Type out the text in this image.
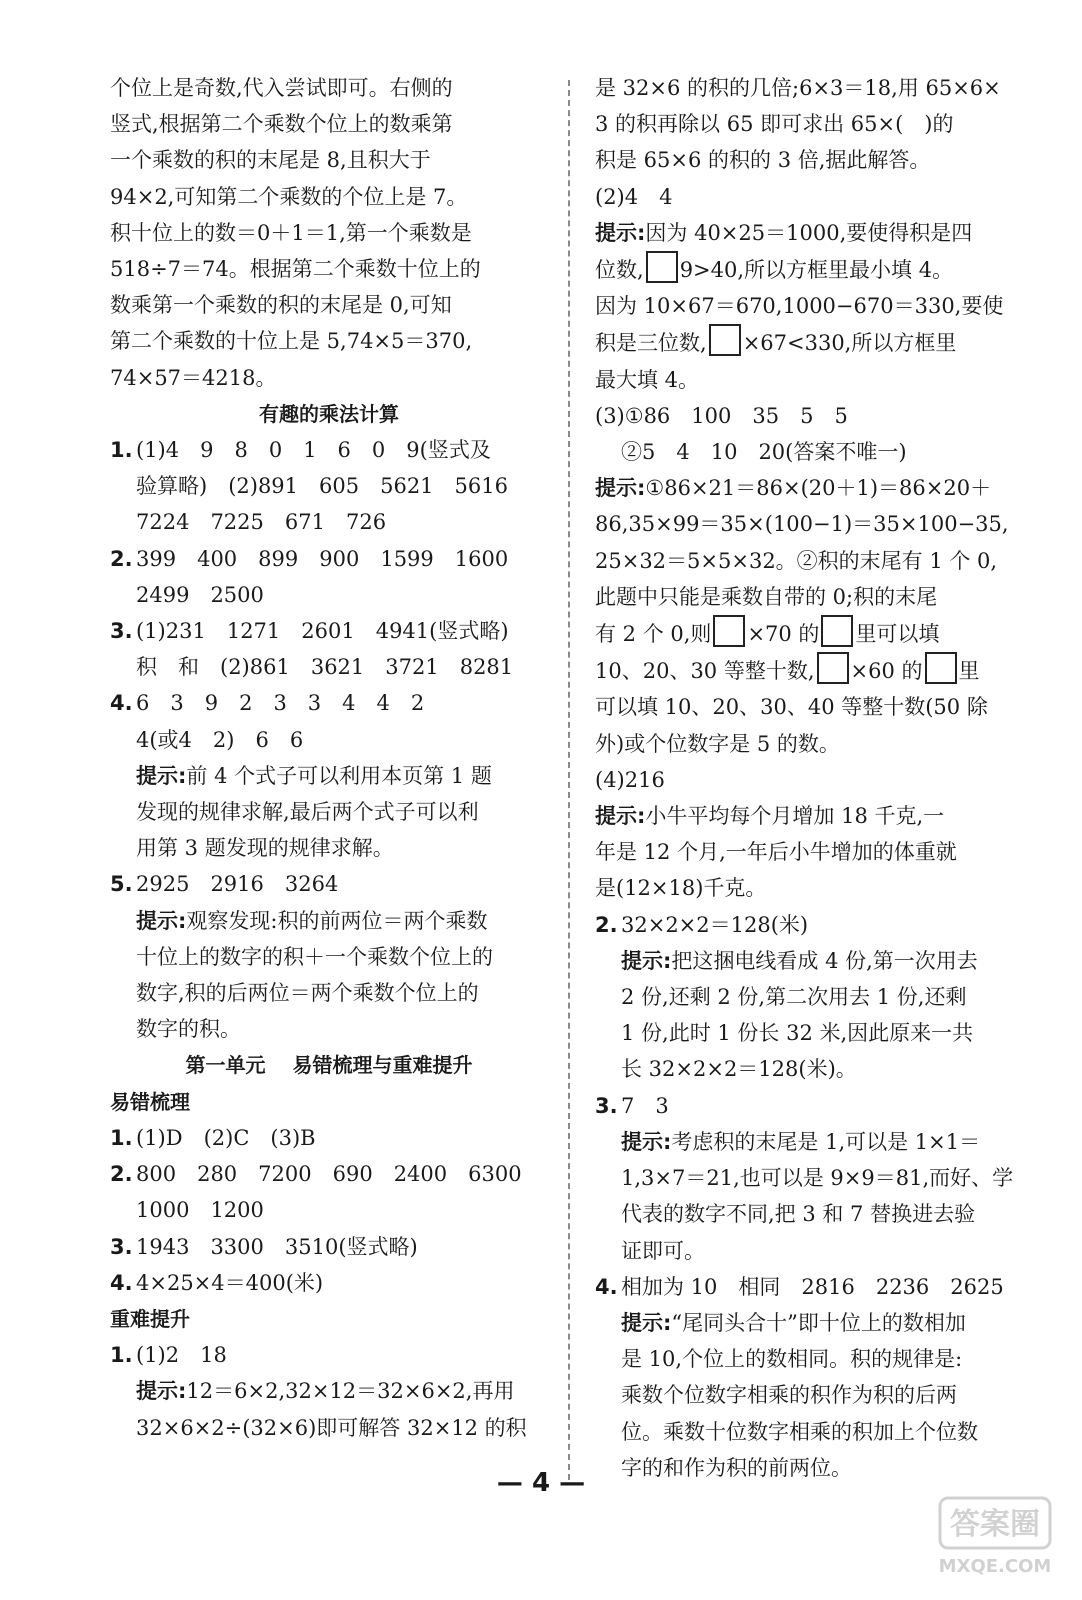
个位上是奇数,代入尝试即可。右侧的
竖式,根据第二个乘数个位上的数乘第
一个乘数的积的末尾是 8,且积大于
94×2,可知第二个乘数的个位上是 7。
积十位上的数＝0＋1＝1,第一个乘数是
518÷7＝74。根据第二个乘数十位上的
数乘第一个乘数的积的末尾是 0,可知
第二个乘数的十位上是 5,74×5＝370,
74×57＝4218。
有趣的乘法计算
1. (1)4　9　8　0　1　6　0　9(竖式及
验算略)　(2)891　605　5621　5616
7224　7225　671　726
2. 399　400　899　900　1599　1600
2499　2500
3. (1)231　1271　2601　4941(竖式略)
积　和　(2)861　3621　3721　8281
4. 6　3　9　2　3　3　4　4　2
4(或4　2)　6　6
提示:前 4 个式子可以利用本页第 1 题
发现的规律求解,最后两个式子可以利
用第 3 题发现的规律求解。
5. 2925　2916　3264
提示:观察发现:积的前两位＝两个乘数
十位上的数字的积＋一个乘数个位上的
数字,积的后两位＝两个乘数个位上的
数字的积。
第一单元　 易错梳理与重难提升
易错梳理
1. (1)D　(2)C　(3)B
2. 800　280　7200　690　2400　6300
1000　1200
3. 1943　3300　3510(竖式略)
4. 4×25×4＝400(米)
重难提升
1. (1)2　18
提示:12＝6×2,32×12＝32×6×2,再用
32×6×2÷(32×6)即可解答 32×12 的积
是 32×6 的积的几倍;6×3＝18,用 65×6×
3 的积再除以 65 即可求出 65×(　)的
积是 65×6 的积的 3 倍,据此解答。
(2)4　4
提示:因为 40×25＝1000,要使得积是四
位数, 9>40,所以方框里最小填 4。
因为 10×67＝670,1000−670＝330,要使
积是三位数, ×67<330,所以方框里
最大填 4。
(3)①86　100　35　5　5
②5　4　10　20(答案不唯一)
提示:①86×21＝86×(20＋1)＝86×20＋
86,35×99＝35×(100−1)＝35×100−35,
25×32＝5×5×32。②积的末尾有 1 个 0,
此题中只能是乘数自带的 0;积的末尾
有 2 个 0,则 ×70 的 里可以填
10、20、30 等整十数, ×60 的 里
可以填 10、20、30、40 等整十数(50 除
外)或个位数字是 5 的数。
(4)216
提示:小牛平均每个月增加 18 千克,一
年是 12 个月,一年后小牛增加的体重就
是(12×18)千克。
2. 32×2×2＝128(米)
提示:把这捆电线看成 4 份,第一次用去
2 份,还剩 2 份,第二次用去 1 份,还剩
1 份,此时 1 份长 32 米,因此原来一共
长 32×2×2＝128(米)。
3. 7　3
提示:考虑积的末尾是 1,可以是 1×1＝
1,3×7＝21,也可以是 9×9＝81,而好、学
代表的数字不同,把 3 和 7 替换进去验
证即可。
4. 相加为 10　相同　2816　2236　2625
提示:“尾同头合十”即十位上的数相加
是 10,个位上的数相同。积的规律是:
乘数个位数字相乘的积作为积的后两
位。乘数十位数字相乘的积加上个位数
字的和作为积的前两位。
— 4 —
答案圈
MXQE.COM
